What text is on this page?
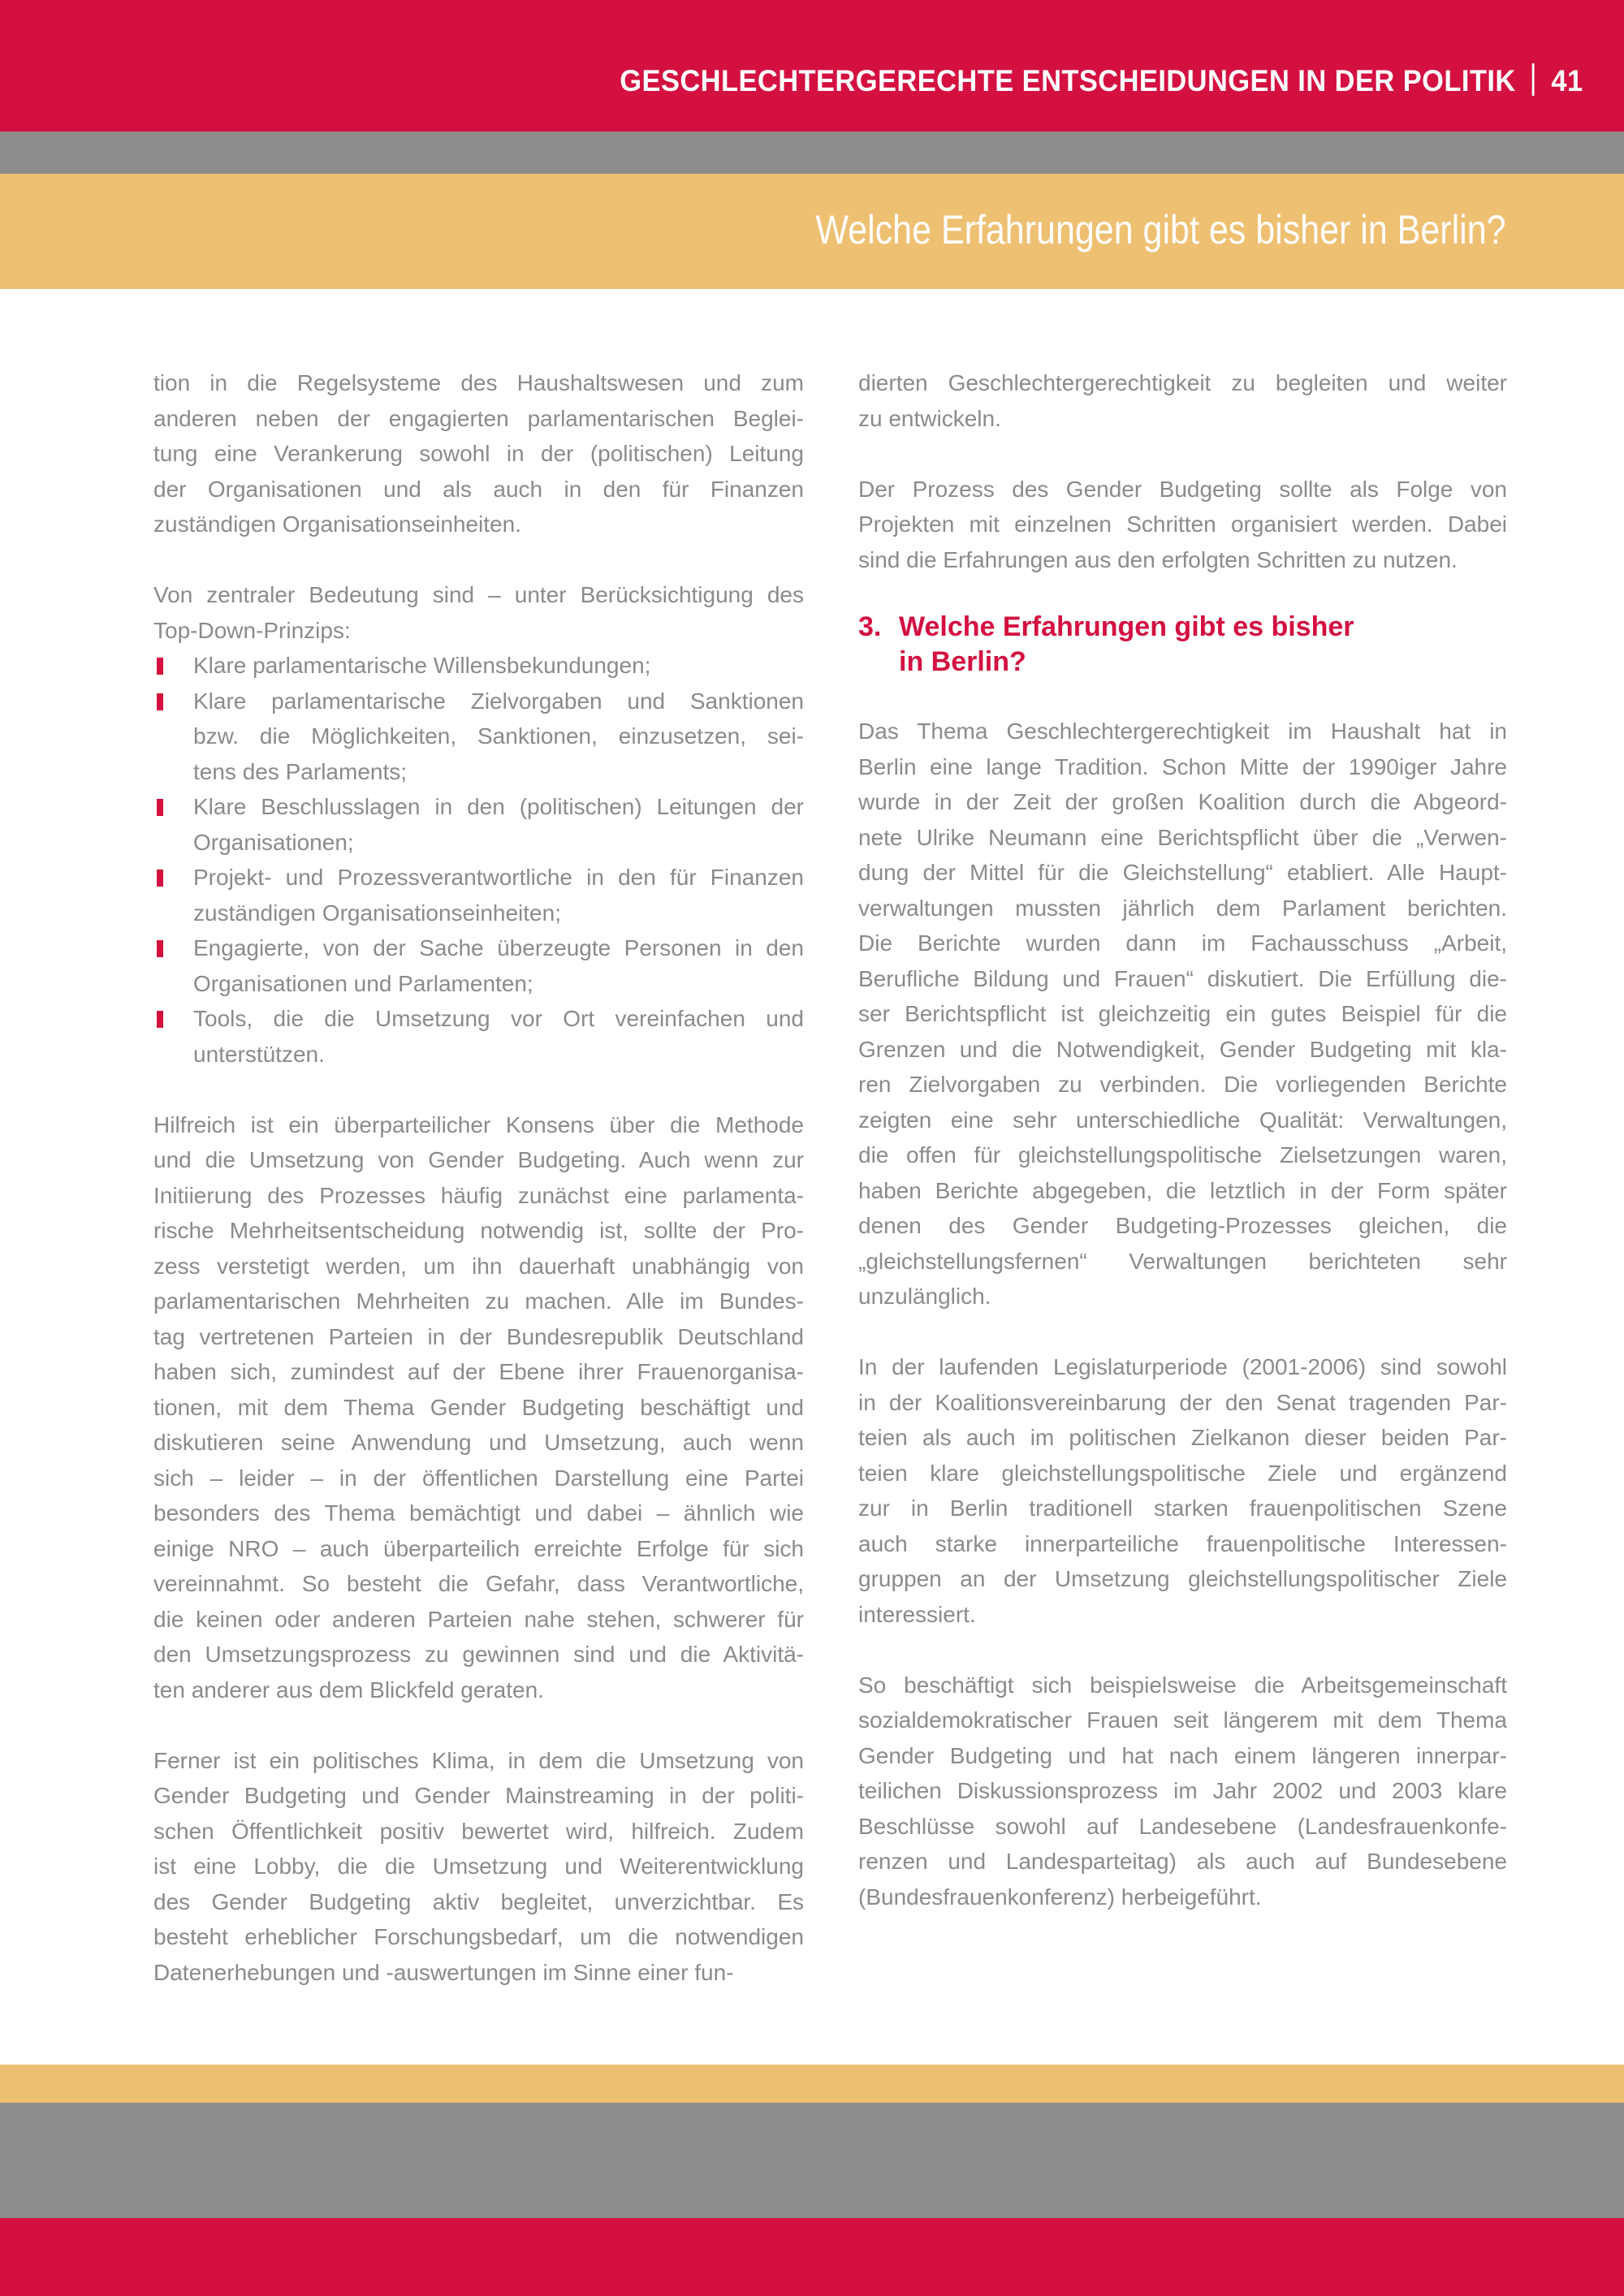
GESCHLECHTERGERECHTE ENTSCHEIDUNGEN IN DER POLITIK 41
Welche Erfahrungen gibt es bisher in Berlin?
tion in die Regelsysteme des Haushaltswesen und zum
anderen neben der engagierten parlamentarischen Beglei-
tung eine Verankerung sowohl in der (politischen) Leitung
der Organisationen und als auch in den für Finanzen
zuständigen Organisationseinheiten.
Von zentraler Bedeutung sind – unter Berücksichtigung des
Top-Down-Prinzips:
Klare parlamentarische Willensbekundungen;
Klare parlamentarische Zielvorgaben und Sanktionen
bzw. die Möglichkeiten, Sanktionen, einzusetzen, sei-
tens des Parlaments;
Klare Beschlusslagen in den (politischen) Leitungen der
Organisationen;
Projekt- und Prozessverantwortliche in den für Finanzen
zuständigen Organisationseinheiten;
Engagierte, von der Sache überzeugte Personen in den
Organisationen und Parlamenten;
Tools, die die Umsetzung vor Ort vereinfachen und
unterstützen.
Hilfreich ist ein überparteilicher Konsens über die Methode
und die Umsetzung von Gender Budgeting. Auch wenn zur
Initiierung des Prozesses häufig zunächst eine parlamenta-
rische Mehrheitsentscheidung notwendig ist, sollte der Pro-
zess verstetigt werden, um ihn dauerhaft unabhängig von
parlamentarischen Mehrheiten zu machen. Alle im Bundes-
tag vertretenen Parteien in der Bundesrepublik Deutschland
haben sich, zumindest auf der Ebene ihrer Frauenorganisa-
tionen, mit dem Thema Gender Budgeting beschäftigt und
diskutieren seine Anwendung und Umsetzung, auch wenn
sich – leider – in der öffentlichen Darstellung eine Partei
besonders des Thema bemächtigt und dabei – ähnlich wie
einige NRO – auch überparteilich erreichte Erfolge für sich
vereinnahmt. So besteht die Gefahr, dass Verantwortliche,
die keinen oder anderen Parteien nahe stehen, schwerer für
den Umsetzungsprozess zu gewinnen sind und die Aktivitä-
ten anderer aus dem Blickfeld geraten.
Ferner ist ein politisches Klima, in dem die Umsetzung von
Gender Budgeting und Gender Mainstreaming in der politi-
schen Öffentlichkeit positiv bewertet wird, hilfreich. Zudem
ist eine Lobby, die die Umsetzung und Weiterentwicklung
des Gender Budgeting aktiv begleitet, unverzichtbar. Es
besteht erheblicher Forschungsbedarf, um die notwendigen
Datenerhebungen und -auswertungen im Sinne einer fun-
dierten Geschlechtergerechtigkeit zu begleiten und weiter
zu entwickeln.
Der Prozess des Gender Budgeting sollte als Folge von
Projekten mit einzelnen Schritten organisiert werden. Dabei
sind die Erfahrungen aus den erfolgten Schritten zu nutzen.
3. Welche Erfahrungen gibt es bisher
in Berlin?
Das Thema Geschlechtergerechtigkeit im Haushalt hat in
Berlin eine lange Tradition. Schon Mitte der 1990iger Jahre
wurde in der Zeit der großen Koalition durch die Abgeord-
nete Ulrike Neumann eine Berichtspflicht über die „Verwen-
dung der Mittel für die Gleichstellung“ etabliert. Alle Haupt-
verwaltungen mussten jährlich dem Parlament berichten.
Die Berichte wurden dann im Fachausschuss „Arbeit,
Berufliche Bildung und Frauen“ diskutiert. Die Erfüllung die-
ser Berichtspflicht ist gleichzeitig ein gutes Beispiel für die
Grenzen und die Notwendigkeit, Gender Budgeting mit kla-
ren Zielvorgaben zu verbinden. Die vorliegenden Berichte
zeigten eine sehr unterschiedliche Qualität: Verwaltungen,
die offen für gleichstellungspolitische Zielsetzungen waren,
haben Berichte abgegeben, die letztlich in der Form später
denen des Gender Budgeting-Prozesses gleichen, die
„gleichstellungsfernen“ Verwaltungen berichteten sehr
unzulänglich.
In der laufenden Legislaturperiode (2001-2006) sind sowohl
in der Koalitionsvereinbarung der den Senat tragenden Par-
teien als auch im politischen Zielkanon dieser beiden Par-
teien klare gleichstellungspolitische Ziele und ergänzend
zur in Berlin traditionell starken frauenpolitischen Szene
auch starke innerparteiliche frauenpolitische Interessen-
gruppen an der Umsetzung gleichstellungspolitischer Ziele
interessiert.
So beschäftigt sich beispielsweise die Arbeitsgemeinschaft
sozialdemokratischer Frauen seit längerem mit dem Thema
Gender Budgeting und hat nach einem längeren innerpar-
teilichen Diskussionsprozess im Jahr 2002 und 2003 klare
Beschlüsse sowohl auf Landesebene (Landesfrauenkonfe-
renzen und Landesparteitag) als auch auf Bundesebene
(Bundesfrauenkonferenz) herbeigeführt.
